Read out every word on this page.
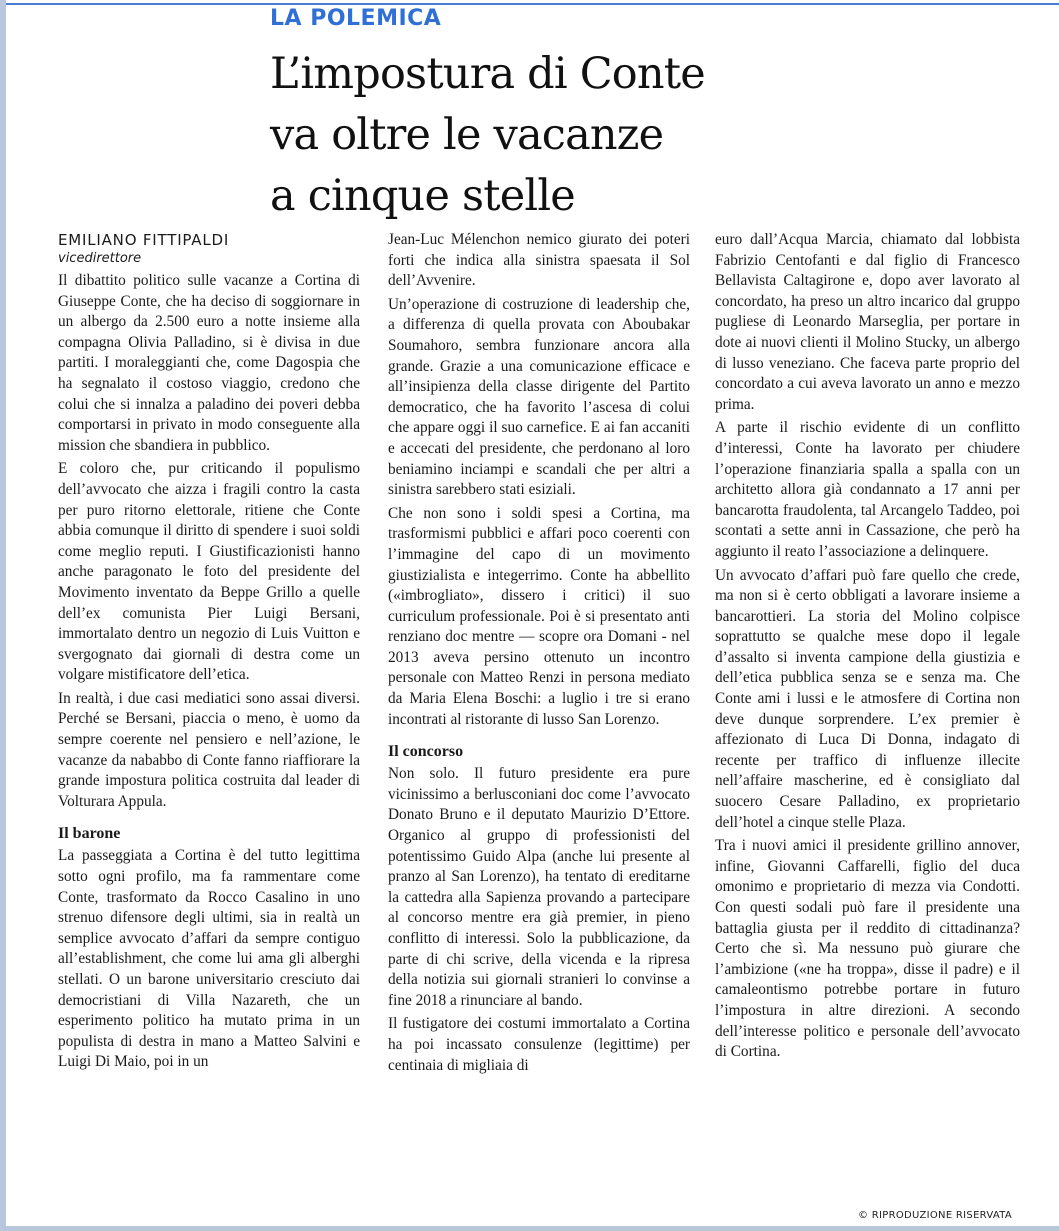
LA POLEMICA
L’impostura di Conte
va oltre le vacanze
a cinque stelle
EMILIANO FITTIPALDI
vicedirettore

Il dibattito politico sulle vacanze a Cortina di Giuseppe Conte, che ha deciso di soggiornare in un albergo da 2.500 euro a notte insieme alla compagna Olivia Palladino, si è divisa in due partiti. I moraleggianti che, come Dagospia che ha segnalato il costoso viaggio, credono che colui che si innalza a paladino dei poveri debba comportarsi in privato in modo conseguente alla mission che sbandiera in pubblico.

E coloro che, pur criticando il populismo dell’avvocato che aizza i fragili contro la casta per puro ritorno elettorale, ritiene che Conte abbia comunque il diritto di spendere i suoi soldi come meglio reputi. I Giustificazionisti hanno anche paragonato le foto del presidente del Movimento inventato da Beppe Grillo a quelle dell’ex comunista Pier Luigi Bersani, immortalato dentro un negozio di Luis Vuitton e svergognato dai giornali di destra come un volgare mistificatore dell’etica.

In realtà, i due casi mediatici sono assai diversi. Perché se Bersani, piaccia o meno, è uomo da sempre coerente nel pensiero e nell’azione, le vacanze da nababbo di Conte fanno riaffiorare la grande impostura politica costruita dal leader di Volturara Appula.

Il barone

La passeggiata a Cortina è del tutto legittima sotto ogni profilo, ma fa rammentare come Conte, trasformato da Rocco Casalino in uno strenuo difensore degli ultimi, sia in realtà un semplice avvocato d’affari da sempre contiguo all’establishment, che come lui ama gli alberghi stellati. O un barone universitario cresciuto dai democristiani di Villa Nazareth, che un esperimento politico ha mutato prima in un populista di destra in mano a Matteo Salvini e Luigi Di Maio, poi in un

Jean-Luc Mélenchon nemico giurato dei poteri forti che indica alla sinistra spaesata il Sol dell’Avvenire.

Un’operazione di costruzione di leadership che, a differenza di quella provata con Aboubakar Soumahoro, sembra funzionare ancora alla grande. Grazie a una comunicazione efficace e all’insipienza della classe dirigente del Partito democratico, che ha favorito l’ascesa di colui che appare oggi il suo carnefice. E ai fan accaniti e accecati del presidente, che perdonano al loro beniamino inciampi e scandali che per altri a sinistra sarebbero stati esiziali.

Che non sono i soldi spesi a Cortina, ma trasformismi pubblici e affari poco coerenti con l’immagine del capo di un movimento giustizialista e integerrimo. Conte ha abbellito («imbrogliato», dissero i critici) il suo curriculum professionale. Poi è si presentato anti renziano doc mentre — scopre ora Domani - nel 2013 aveva persino ottenuto un incontro personale con Matteo Renzi in persona mediato da Maria Elena Boschi: a luglio i tre si erano incontrati al ristorante di lusso San Lorenzo.

Il concorso

Non solo. Il futuro presidente era pure vicinissimo a berlusconiani doc come l’avvocato Donato Bruno e il deputato Maurizio D’Ettore. Organico al gruppo di professionisti del potentissimo Guido Alpa (anche lui presente al pranzo al San Lorenzo), ha tentato di ereditarne la cattedra alla Sapienza provando a partecipare al concorso mentre era già premier, in pieno conflitto di interessi. Solo la pubblicazione, da parte di chi scrive, della vicenda e la ripresa della notizia sui giornali stranieri lo convinse a fine 2018 a rinunciare al bando.

Il fustigatore dei costumi immortalato a Cortina ha poi incassato consulenze (legittime) per centinaia di migliaia di

euro dall’Acqua Marcia, chiamato dal lobbista Fabrizio Centofanti e dal figlio di Francesco Bellavista Caltagirone e, dopo aver lavorato al concordato, ha preso un altro incarico dal gruppo pugliese di Leonardo Marseglia, per portare in dote ai nuovi clienti il Molino Stucky, un albergo di lusso veneziano. Che faceva parte proprio del concordato a cui aveva lavorato un anno e mezzo prima.

A parte il rischio evidente di un conflitto d’interessi, Conte ha lavorato per chiudere l’operazione finanziaria spalla a spalla con un architetto allora già condannato a 17 anni per bancarotta fraudolenta, tal Arcangelo Taddeo, poi scontati a sette anni in Cassazione, che però ha aggiunto il reato l’associazione a delinquere.

Un avvocato d’affari può fare quello che crede, ma non si è certo obbligati a lavorare insieme a bancarottieri. La storia del Molino colpisce soprattutto se qualche mese dopo il legale d’assalto si inventa campione della giustizia e dell’etica pubblica senza se e senza ma. Che Conte ami i lussi e le atmosfere di Cortina non deve dunque sorprendere. L’ex premier è affezionato di Luca Di Donna, indagato di recente per traffico di influenze illecite nell’affaire mascherine, ed è consigliato dal suocero Cesare Palladino, ex proprietario dell’hotel a cinque stelle Plaza.

Tra i nuovi amici il presidente grillino annover, infine, Giovanni Caffarelli, figlio del duca omonimo e proprietario di mezza via Condotti. Con questi sodali può fare il presidente una battaglia giusta per il reddito di cittadinanza? Certo che sì. Ma nessuno può giurare che l’ambizione («ne ha troppa», disse il padre) e il camaleontismo potrebbe portare in futuro l’impostura in altre direzioni. A secondo dell’interesse politico e personale dell’avvocato di Cortina.

© RIPRODUZIONE RISERVATA
